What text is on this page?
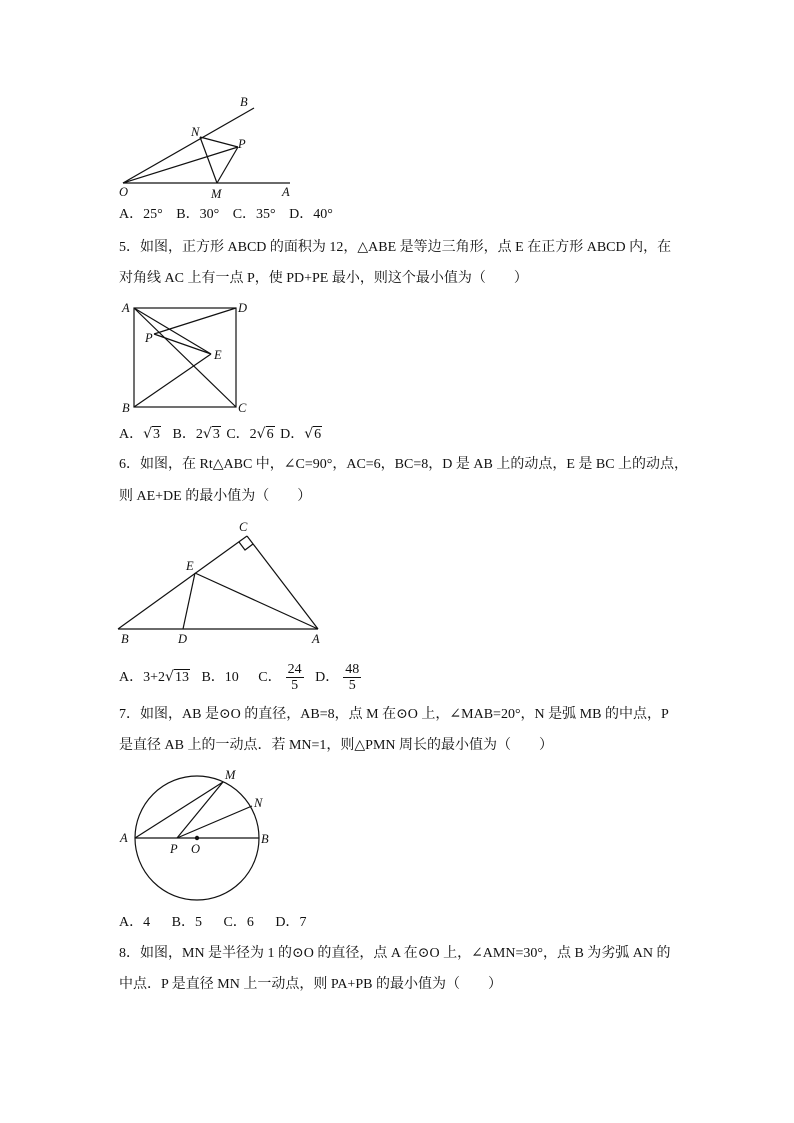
B
N
P
O	M	A
A．25° B．30° C．35° D．40°
5．如图，正方形 ABCD 的面积为 12，△ABE 是等边三角形，点 E 在正方形 ABCD 内，在
对角线 AC 上有一点 P，使 PD+PE 最小，则这个最小值为（　　）
A	D
P
E
B	C
A．√3 B．2√3 C．2√6 D．√6
6．如图，在 Rt△ABC 中，∠C=90°，AC=6，BC=8，D 是 AB 上的动点，E 是 BC 上的动点，
则 AE+DE 的最小值为（　　）
C
E
B	D	A
A．3+2√13 B．10 C． $\frac{24}{5}$ D． $\frac{48}{5}$
7．如图，AB 是⊙O 的直径，AB=8，点 M 在⊙O 上，∠MAB=20°，N 是弧 MB 的中点，P
是直径 AB 上的一动点．若 MN=1，则△PMN 周长的最小值为（　　）
M
N
A
P O
B
A．4 B．5 C．6 D．7
8．如图，MN 是半径为 1 的⊙O 的直径，点 A 在⊙O 上，∠AMN=30°，点 B 为劣弧 AN 的
中点．P 是直径 MN 上一动点，则 PA+PB 的最小值为（　　）
